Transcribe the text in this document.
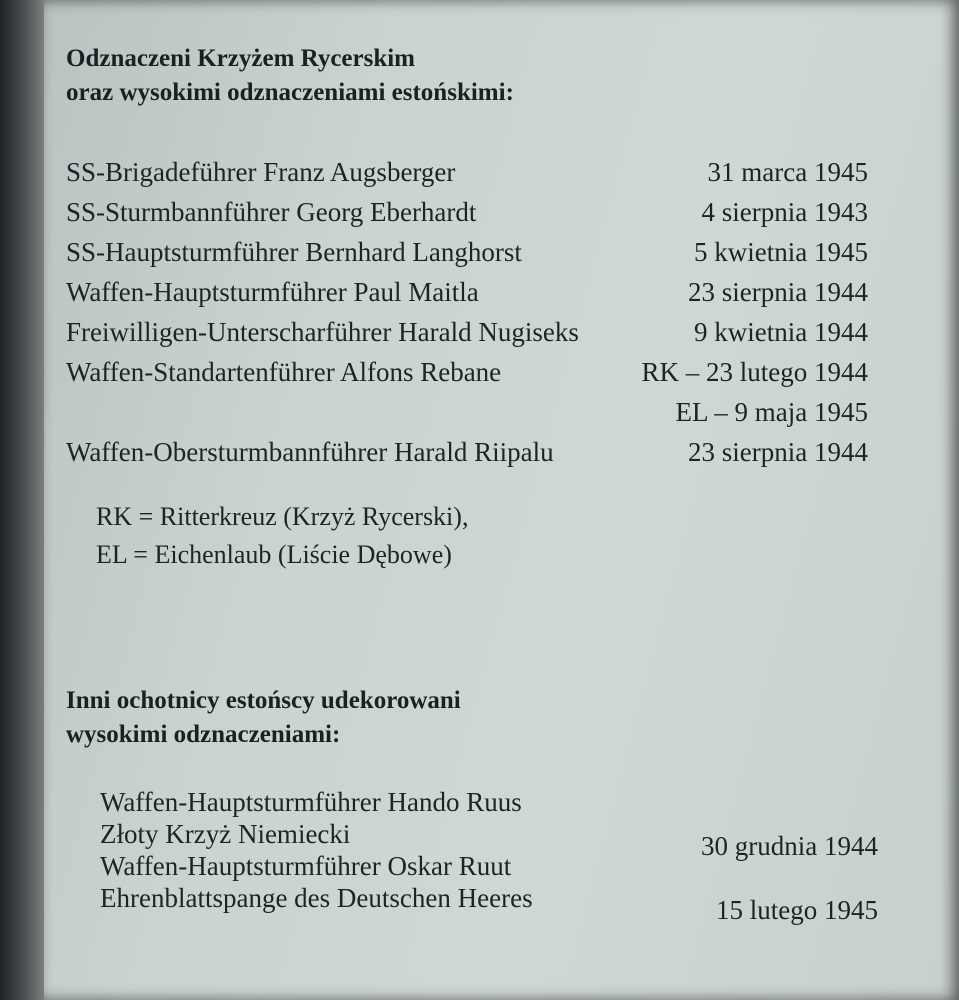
Odznaczeni Krzyżem Rycerskim
oraz wysokimi odznaczeniami estońskimi:
SS-Brigadeführer Franz Augsberger	31 marca 1945
SS-Sturmbannführer Georg Eberhardt	4 sierpnia 1943
SS-Hauptsturmführer Bernhard Langhorst	5 kwietnia 1945
Waffen-Hauptsturmführer Paul Maitla	23 sierpnia 1944
Freiwilligen-Unterscharführer Harald Nugiseks	9 kwietnia 1944
Waffen-Standartenführer Alfons Rebane	RK – 23 lutego 1944
EL – 9 maja 1945
Waffen-Obersturmbannführer Harald Riipalu	23 sierpnia 1944
RK = Ritterkreuz (Krzyż Rycerski),
EL = Eichenlaub (Liście Dębowe)
Inni ochotnicy estońscy udekorowani
wysokimi odznaczeniami:
Waffen-Hauptsturmführer Hando Ruus
Złoty Krzyż Niemiecki	30 grudnia 1944
Waffen-Hauptsturmführer Oskar Ruut
Ehrenblattspange des Deutschen Heeres	15 lutego 1945
